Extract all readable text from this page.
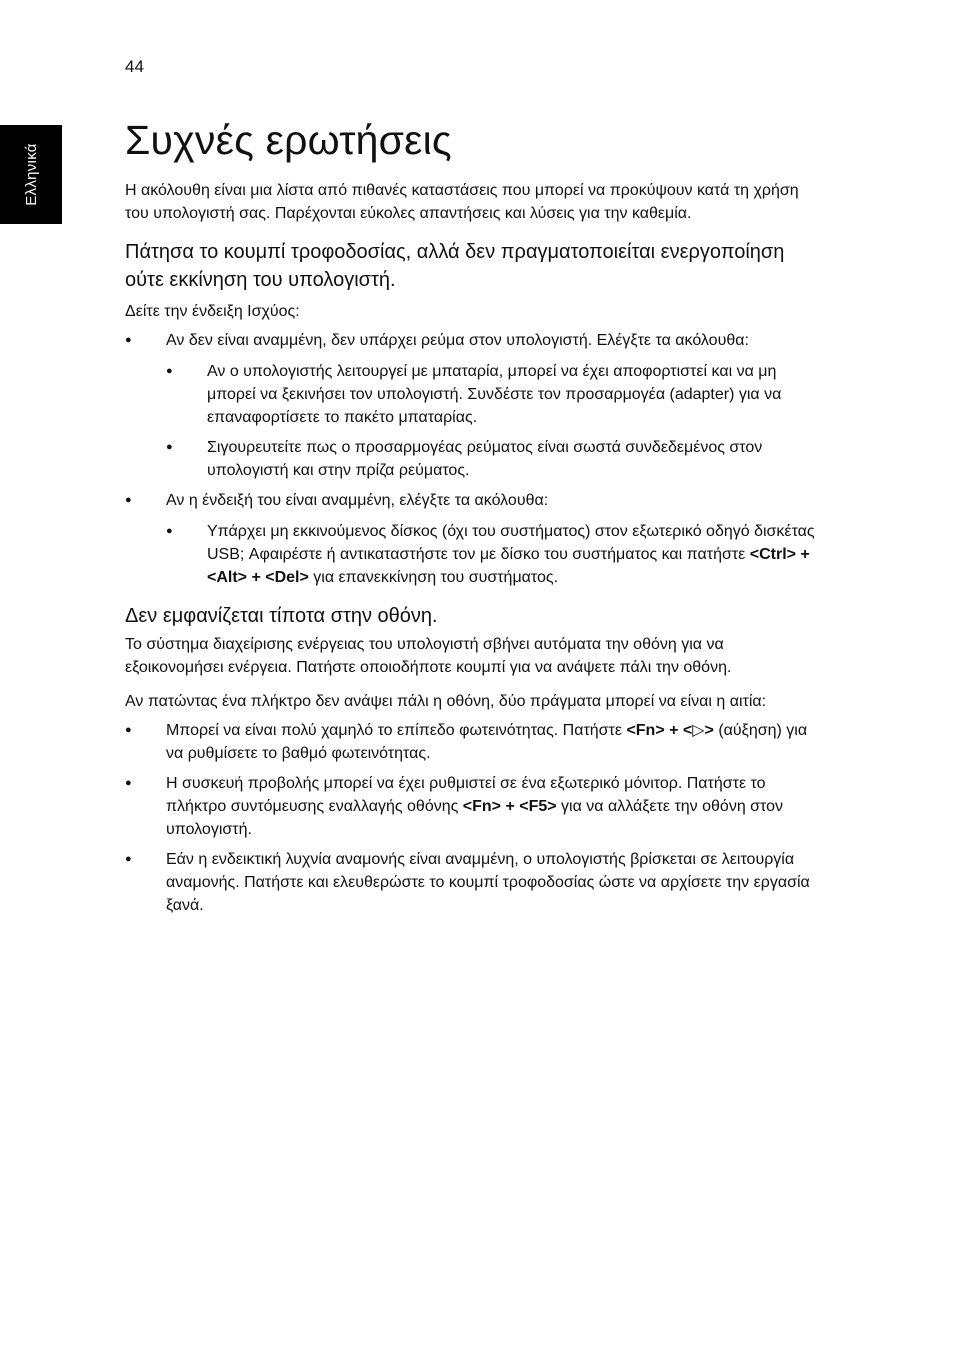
44
Ελληνικά
Συχνές ερωτήσεις

Η ακόλουθη είναι μια λίστα από πιθανές καταστάσεις που μπορεί να προκύψουν κατά τη χρήση του υπολογιστή σας. Παρέχονται εύκολες απαντήσεις και λύσεις για την καθεμία.

Πάτησα το κουμπί τροφοδοσίας, αλλά δεν πραγματοποιείται ενεργοποίηση ούτε εκκίνηση του υπολογιστή.

Δείτε την ένδειξη Ισχύος:

● Αν δεν είναι αναμμένη, δεν υπάρχει ρεύμα στον υπολογιστή. Ελέγξτε τα ακόλουθα:
● Αν ο υπολογιστής λειτουργεί με μπαταρία, μπορεί να έχει αποφορτιστεί και να μη μπορεί να ξεκινήσει τον υπολογιστή. Συνδέστε τον προσαρμογέα (adapter) για να επαναφορτίσετε το πακέτο μπαταρίας.
● Σιγουρευτείτε πως ο προσαρμογέας ρεύματος είναι σωστά συνδεδεμένος στον υπολογιστή και στην πρίζα ρεύματος.
● Αν η ένδειξή του είναι αναμμένη, ελέγξτε τα ακόλουθα:
● Υπάρχει μη εκκινούμενος δίσκος (όχι του συστήματος) στον εξωτερικό οδηγό δισκέτας USB; Αφαιρέστε ή αντικαταστήστε τον με δίσκο του συστήματος και πατήστε <Ctrl> + <Alt> + <Del> για επανεκκίνηση του συστήματος.
Δεν εμφανίζεται τίποτα στην οθόνη.

Το σύστημα διαχείρισης ενέργειας του υπολογιστή σβήνει αυτόματα την οθόνη για να εξοικονομήσει ενέργεια. Πατήστε οποιοδήποτε κουμπί για να ανάψετε πάλι την οθόνη.

Αν πατώντας ένα πλήκτρο δεν ανάψει πάλι η οθόνη, δύο πράγματα μπορεί να είναι η αιτία:

● Μπορεί να είναι πολύ χαμηλό το επίπεδο φωτεινότητας. Πατήστε <Fn> + <▷> (αύξηση) για να ρυθμίσετε το βαθμό φωτεινότητας.
● Η συσκευή προβολής μπορεί να έχει ρυθμιστεί σε ένα εξωτερικό μόνιτορ. Πατήστε το πλήκτρο συντόμευσης εναλλαγής οθόνης <Fn> + <F5> για να αλλάξετε την οθόνη στον υπολογιστή.
● Εάν η ενδεικτική λυχνία αναμονής είναι αναμμένη, ο υπολογιστής βρίσκεται σε λειτουργία αναμονής. Πατήστε και ελευθερώστε το κουμπί τροφοδοσίας ώστε να αρχίσετε την εργασία ξανά.
